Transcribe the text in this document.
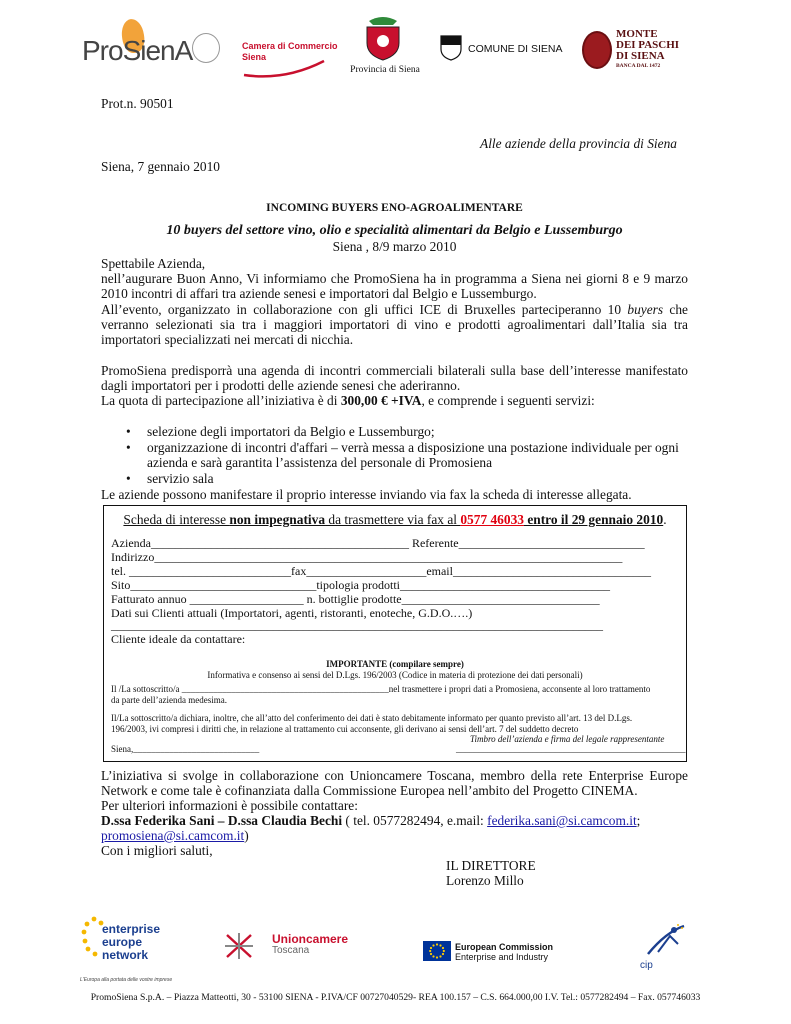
ProSienA	Camera di Commercio
Siena
Provincia di Siena
COMUNE DI SIENA
MONTE
DEI PASCHI
DI SIENA
BANCA DAL 1472
Prot.n. 90501
Alle aziende della provincia di Siena
Siena, 7 gennaio 2010
INCOMING BUYERS ENO-AGROALIMENTARE
10 buyers del settore vino, olio e specialità alimentari da Belgio e Lussemburgo
Siena , 8/9 marzo 2010
Spettabile Azienda,
nell’augurare Buon Anno, Vi informiamo che PromoSiena ha in programma a Siena nei giorni 8 e 9 marzo
2010 incontri di affari tra aziende senesi e importatori dal Belgio e Lussemburgo.
All’evento, organizzato in collaborazione con gli uffici ICE di Bruxelles parteciperanno 10 buyers che
verranno selezionati sia tra i maggiori importatori di vino e prodotti agroalimentari dall’Italia sia tra
importatori specializzati nei mercati di nicchia.
PromoSiena predisporrà una agenda di incontri commerciali bilaterali sulla base dell’interesse manifestato
dagli importatori per i prodotti delle aziende senesi che aderiranno.
La quota di partecipazione all’iniziativa è di 300,00 € +IVA, e comprende i seguenti servizi:
• selezione degli importatori da Belgio e Lussemburgo;
• organizzazione di incontri d'affari – verrà messa a disposizione una postazione individuale per ogni
azienda e sarà garantita l’assistenza del personale di Promosiena
• servizio sala
Le aziende possono manifestare il proprio interesse inviando via fax la scheda di interesse allegata.
Scheda di interesse non impegnativa da trasmettere via fax al 0577 46033 entro il 29 gennaio 2010.
Azienda___________________________________________ Referente_______________________________
Indirizzo______________________________________________________________________________
tel. ___________________________fax____________________email_________________________________
Sito_______________________________tipologia prodotti___________________________________
Fatturato annuo ___________________ n. bottiglie prodotte_________________________________
Dati sui Clienti attuali (Importatori, agenti, ristoranti, enoteche, G.D.O.….)
__________________________________________________________________________________
Cliente ideale da contattare:
IMPORTANTE (compilare sempre)
Informativa e consenso ai sensi del D.Lgs. 196/2003 (Codice in materia di protezione dei dati personali)
Il /La sottoscritto/a ______________________________________________nel trasmettere i propri dati a Promosiena, acconsente al loro trattamento
da parte dell’azienda medesima.
Il/La sottoscritto/a dichiara, inoltre, che all’atto del conferimento dei dati è stato debitamente informato per quanto previsto all’art. 13 del D.Lgs.
196/2003, ivi compresi i diritti che, in relazione al trattamento cui acconsente, gli derivano ai sensi dell’art. 7 del suddetto decreto
Timbro dell’azienda e firma del legale rappresentante
Siena,____________________________	___________________________________________________
L’iniziativa si svolge in collaborazione con Unioncamere Toscana, membro della rete Enterprise Europe
Network e come tale è cofinanziata dalla Commissione Europea nell’ambito del Progetto CINEMA.
Per ulteriori informazioni è possibile contattare:
D.ssa Federika Sani – D.ssa Claudia Bechi ( tel. 0577282494, e.mail: federika.sani@si.camcom.it;
promosiena@si.camcom.it)
Con i migliori saluti,
IL DIRETTORE
Lorenzo Millo
enterprise
europe
network
L'Europa alla portata delle vostre imprese
Unioncamere
Toscana	European Commission
Enterprise and Industry
cip
PromoSiena S.p.A. – Piazza Matteotti, 30 - 53100 SIENA - P.IVA/CF 00727040529- REA 100.157 – C.S. 664.000,00 I.V. Tel.: 0577282494 – Fax. 057746033
